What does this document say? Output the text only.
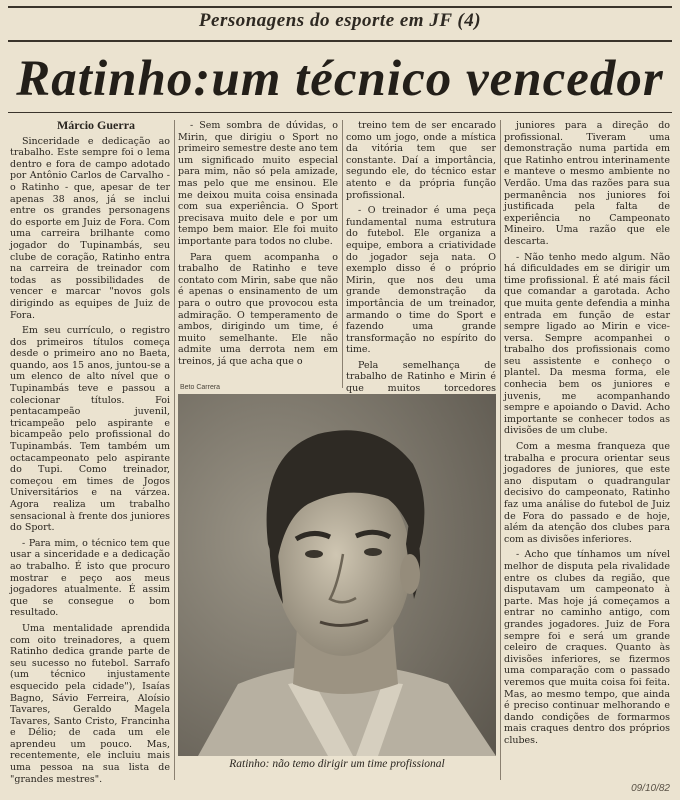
Personagens do esporte em JF (4)
Ratinho:um técnico vencedor

Márcio Guerra

Sinceridade e dedicação ao trabalho. Este sempre foi o lema dentro e fora de campo adotado por Antônio Carlos de Carvalho - o Ratinho - que, apesar de ter apenas 38 anos, já se inclui entre os grandes personagens do esporte em Juiz de Fora. Com uma carreira brilhante como jogador do Tupinambás, seu clube de coração, Ratinho entra na carreira de treinador com todas as possibilidades de vencer e marcar "novos gols dirigindo as equipes de Juiz de Fora.

Em seu currículo, o registro dos primeiros títulos começa desde o primeiro ano no Baeta, quando, aos 15 anos, juntou-se a um elenco de alto nível que o Tupinambás teve e passou a colecionar títulos. Foi pentacampeão juvenil, tricampeão pelo aspirante e bicampeão pelo profissional do Tupinambás. Tem também um octacampeonato pelo aspirante do Tupi. Como treinador, começou em times de Jogos Universitários e na várzea. Agora realiza um trabalho sensacional à frente dos juniores do Sport.

- Para mim, o técnico tem que usar a sinceridade e a dedicação ao trabalho. É isto que procuro mostrar e peço aos meus jogadores atualmente. É assim que se consegue o bom resultado.

Uma mentalidade aprendida com oito treinadores, a quem Ratinho dedica grande parte de seu sucesso no futebol. Sarrafo (um técnico injustamente esquecido pela cidade"), Isaías Bagno, Sávio Ferreira, Aloísio Tavares, Geraldo Magela Tavares, Santo Cristo, Francinha e Délio; de cada um ele aprendeu um pouco. Mas, recentemente, ele incluiu mais uma pessoa na sua lista de "grandes mestres".

- Sem sombra de dúvidas, o Mirin, que dirigiu o Sport no primeiro semestre deste ano tem um significado muito especial para mim, não só pela amizade, mas pelo que me ensinou. Ele me deixou muita coisa ensinada com sua experiência. O Sport precisava muito dele e por um tempo bem maior. Ele foi muito importante para todos no clube.

Para quem acompanha o trabalho de Ratinho e teve contato com Mirin, sabe que não é apenas o ensinamento de um para o outro que provocou esta admiração. O temperamento de ambos, dirigindo um time, é muito semelhante. Ele não admite uma derrota nem em treinos, já que acha que o

treino tem de ser encarado como um jogo, onde a mística da vitória tem que ser constante. Daí a importância, segundo ele, do técnico estar atento e da própria função profissional.

- O treinador é uma peça fundamental numa estrutura do futebol. Ele organiza a equipe, embora a criatividade do jogador seja nata. O exemplo disso é o próprio Mirin, que nos deu uma grande demonstração da importância de um treinador, armando o time do Sport e fazendo uma grande transformação no espírito do time.

Pela semelhança de trabalho de Ratinho e Mirin é que muitos torcedores

juniores para a direção do profissional. Tiveram uma demonstração numa partida em que Ratinho entrou interinamente e manteve o mesmo ambiente no Verdão. Uma das razões para sua permanência nos juniores foi justificada pela falta de experiência no Campeonato Mineiro. Uma razão que ele descarta.

- Não tenho medo algum. Não há dificuldades em se dirigir um time profissional. É até mais fácil que comandar a garotada. Acho que muita gente defendia a minha entrada em função de estar sempre ligado ao Mirin e vice-versa. Sempre acompanhei o trabalho dos profissionais como seu assistente e conheço o plantel. Da mesma forma, ele conhecia bem os juniores e juvenis, me acompanhando sempre e apoiando o David. Acho importante se conhecer todos as divisões de um clube.

Com a mesma franqueza que trabalha e procura orientar seus jogadores de juniores, que este ano disputam o quadrangular decisivo do campeonato, Ratinho faz uma análise do futebol de Juiz de Fora do passado e de hoje, além da atenção dos clubes para com as divisões inferiores.

- Acho que tínhamos um nível melhor de disputa pela rivalidade entre os clubes da região, que disputavam um campeonato à parte. Mas hoje já começamos a entrar no caminho antigo, com grandes jogadores. Juiz de Fora sempre foi e será um grande celeiro de craques. Quanto às divisões inferiores, se fizermos uma comparação com o passado veremos que muita coisa foi feita. Mas, ao mesmo tempo, que ainda é preciso continuar melhorando e dando condições de formarmos mais craques dentro dos próprios clubes.

Beto Carrera
Ratinho: não temo dirigir um time profissional
09/10/82
